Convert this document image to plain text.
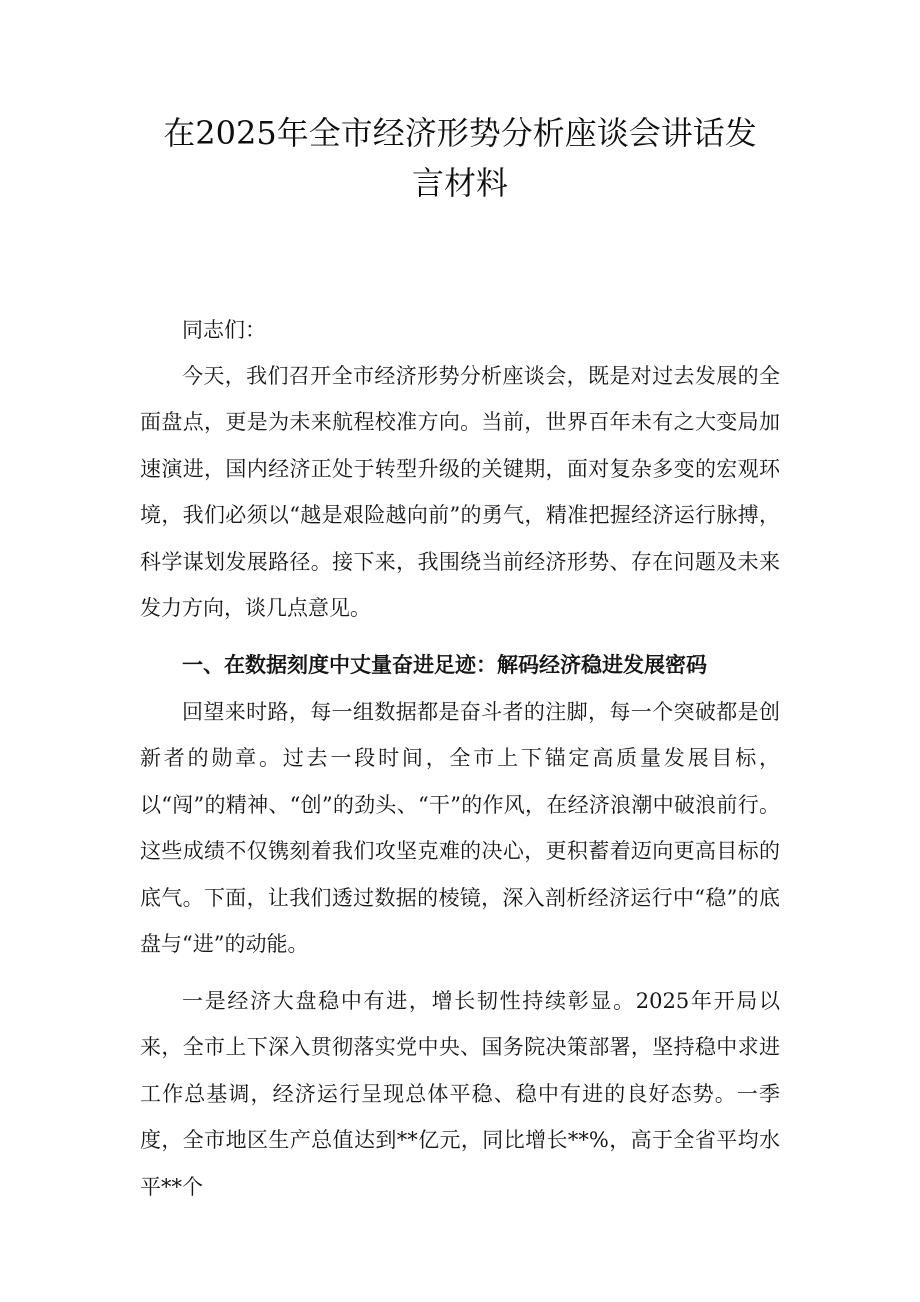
在2025年全市经济形势分析座谈会讲话发
言材料

同志们：

今天，我们召开全市经济形势分析座谈会，既是对过去发展的全面盘点，更是为未来航程校准方向。当前，世界百年未有之大变局加速演进，国内经济正处于转型升级的关键期，面对复杂多变的宏观环境，我们必须以“越是艰险越向前”的勇气，精准把握经济运行脉搏，科学谋划发展路径。接下来，我围绕当前经济形势、存在问题及未来发力方向，谈几点意见。

一、在数据刻度中丈量奋进足迹：解码经济稳进发展密码

回望来时路，每一组数据都是奋斗者的注脚，每一个突破都是创新者的勋章。过去一段时间，全市上下锚定高质量发展目标，以“闯”的精神、“创”的劲头、“干”的作风，在经济浪潮中破浪前行。这些成绩不仅镌刻着我们攻坚克难的决心，更积蓄着迈向更高目标的底气。下面，让我们透过数据的棱镜，深入剖析经济运行中“稳”的底盘与“进”的动能。

一是经济大盘稳中有进，增长韧性持续彰显。2025年开局以来，全市上下深入贯彻落实党中央、国务院决策部署，坚持稳中求进工作总基调，经济运行呈现总体平稳、稳中有进的良好态势。一季度，全市地区生产总值达到**亿元，同比增长**%，高于全省平均水平**个
